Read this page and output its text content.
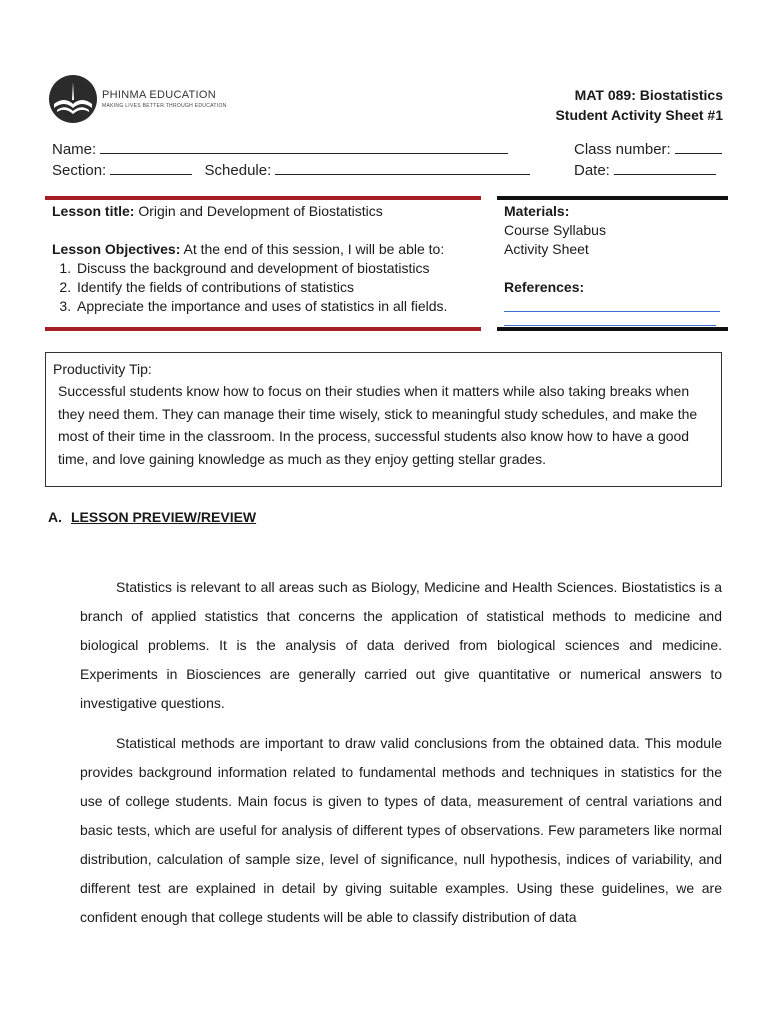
PHINMA EDUCATION
MAKING LIVES BETTER THROUGH EDUCATION
MAT 089: Biostatistics
Student Activity Sheet #1
Name:
Section:	Schedule:
Class number:
Date:
Lesson title: Origin and Development of Biostatistics
Lesson Objectives: At the end of this session, I will be able to:
1. Discuss the background and development of biostatistics
2. Identify the fields of contributions of statistics
3. Appreciate the importance and uses of statistics in all fields.
Materials:
Course Syllabus
Activity Sheet
References:
Productivity Tip:
Successful students know how to focus on their studies when it matters while also taking breaks when they need them. They can manage their time wisely, stick to meaningful study schedules, and make the most of their time in the classroom. In the process, successful students also know how to have a good time, and love gaining knowledge as much as they enjoy getting stellar grades.
A. LESSON PREVIEW/REVIEW

Statistics is relevant to all areas such as Biology, Medicine and Health Sciences. Biostatistics is a branch of applied statistics that concerns the application of statistical methods to medicine and biological problems. It is the analysis of data derived from biological sciences and medicine. Experiments in Biosciences are generally carried out give quantitative or numerical answers to investigative questions.

Statistical methods are important to draw valid conclusions from the obtained data. This module provides background information related to fundamental methods and techniques in statistics for the use of college students. Main focus is given to types of data, measurement of central variations and basic tests, which are useful for analysis of different types of observations. Few parameters like normal distribution, calculation of sample size, level of significance, null hypothesis, indices of variability, and different test are explained in detail by giving suitable examples. Using these guidelines, we are confident enough that college students will be able to classify distribution of data
